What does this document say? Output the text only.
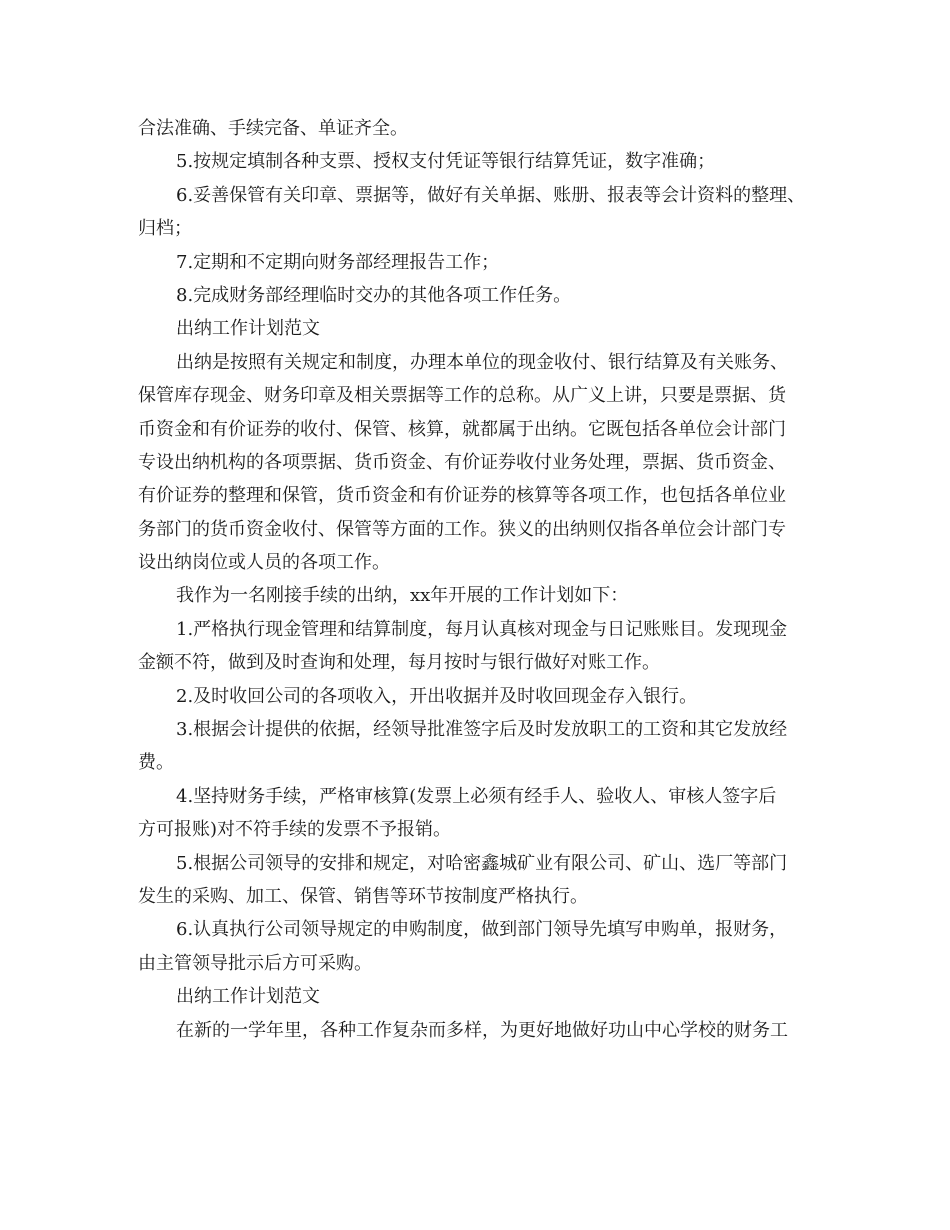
合法准确、手续完备、单证齐全。

5.按规定填制各种支票、授权支付凭证等银行结算凭证，数字准确；

6.妥善保管有关印章、票据等，做好有关单据、账册、报表等会计资料的整理、

归档；

7.定期和不定期向财务部经理报告工作；

8.完成财务部经理临时交办的其他各项工作任务。

出纳工作计划范文

出纳是按照有关规定和制度，办理本单位的现金收付、银行结算及有关账务、

保管库存现金、财务印章及相关票据等工作的总称。从广义上讲，只要是票据、货

币资金和有价证券的收付、保管、核算，就都属于出纳。它既包括各单位会计部门

专设出纳机构的各项票据、货币资金、有价证券收付业务处理，票据、货币资金、

有价证券的整理和保管，货币资金和有价证券的核算等各项工作，也包括各单位业

务部门的货币资金收付、保管等方面的工作。狭义的出纳则仅指各单位会计部门专

设出纳岗位或人员的各项工作。

我作为一名刚接手续的出纳，xx年开展的工作计划如下：

1.严格执行现金管理和结算制度，每月认真核对现金与日记账账目。发现现金

金额不符，做到及时查询和处理，每月按时与银行做好对账工作。

2.及时收回公司的各项收入，开出收据并及时收回现金存入银行。

3.根据会计提供的依据，经领导批准签字后及时发放职工的工资和其它发放经

费。

4.坚持财务手续，严格审核算(发票上必须有经手人、验收人、审核人签字后

方可报账)对不符手续的发票不予报销。

5.根据公司领导的安排和规定，对哈密鑫城矿业有限公司、矿山、选厂等部门

发生的采购、加工、保管、销售等环节按制度严格执行。

6.认真执行公司领导规定的申购制度，做到部门领导先填写申购单，报财务，

由主管领导批示后方可采购。

出纳工作计划范文

在新的一学年里，各种工作复杂而多样，为更好地做好功山中心学校的财务工
